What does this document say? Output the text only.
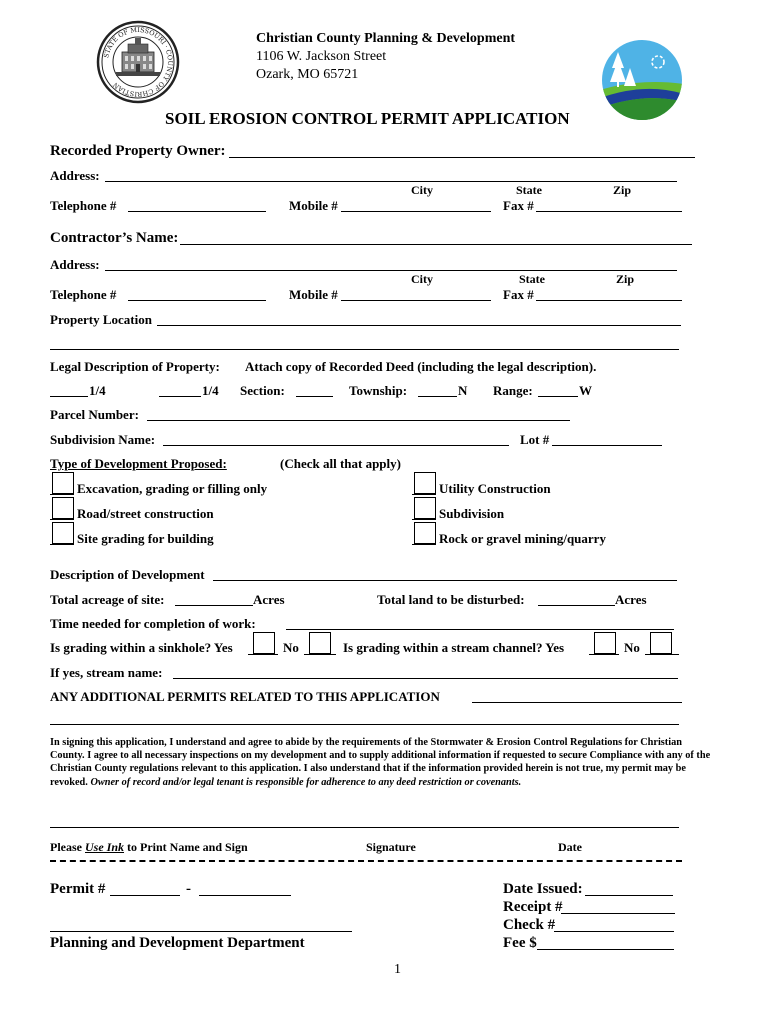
STATE OF MISSOURI · COUNTY OF CHRISTIAN
Christian County Planning & Development
1106 W. Jackson Street
Ozark, MO 65721
SOIL EROSION CONTROL PERMIT APPLICATION
Recorded Property Owner:
Address:
City	State	Zip
Telephone #	Mobile #	Fax #
Contractor’s Name:
Address:
City	State	Zip
Telephone #	Mobile #	Fax #
Property Location
Legal Description of Property: Attach copy of Recorded Deed (including the legal description).
1/4	1/4 Section:	Township:	N Range:	W
Parcel Number:
Subdivision Name:	Lot #
Type of Development Proposed:	(Check all that apply)
Excavation, grading or filling only
Road/street construction
Site grading for building
Utility Construction
Subdivision
Rock or gravel mining/quarry
Description of Development
Total acreage of site:	Acres	Total land to be disturbed:	Acres
Time needed for completion of work:
Is grading within a sinkhole? Yes	No	Is grading within a stream channel? Yes	No
If yes, stream name:
ANY ADDITIONAL PERMITS RELATED TO THIS APPLICATION
In signing this application, I understand and agree to abide by the requirements of the Stormwater & Erosion Control Regulations for Christian County. I agree to all necessary inspections on my development and to supply additional information if requested to secure Compliance with any of the Christian County regulations relevant to this application. I also understand that if the information provided herein is not true, my permit may be revoked. Owner of record and/or legal tenant is responsible for adherence to any deed restriction or covenants.
Please Use Ink to Print Name and Sign	Signature	Date
Permit #	-
Planning and Development Department
Date Issued:
Receipt #
Check #
Fee $
1
